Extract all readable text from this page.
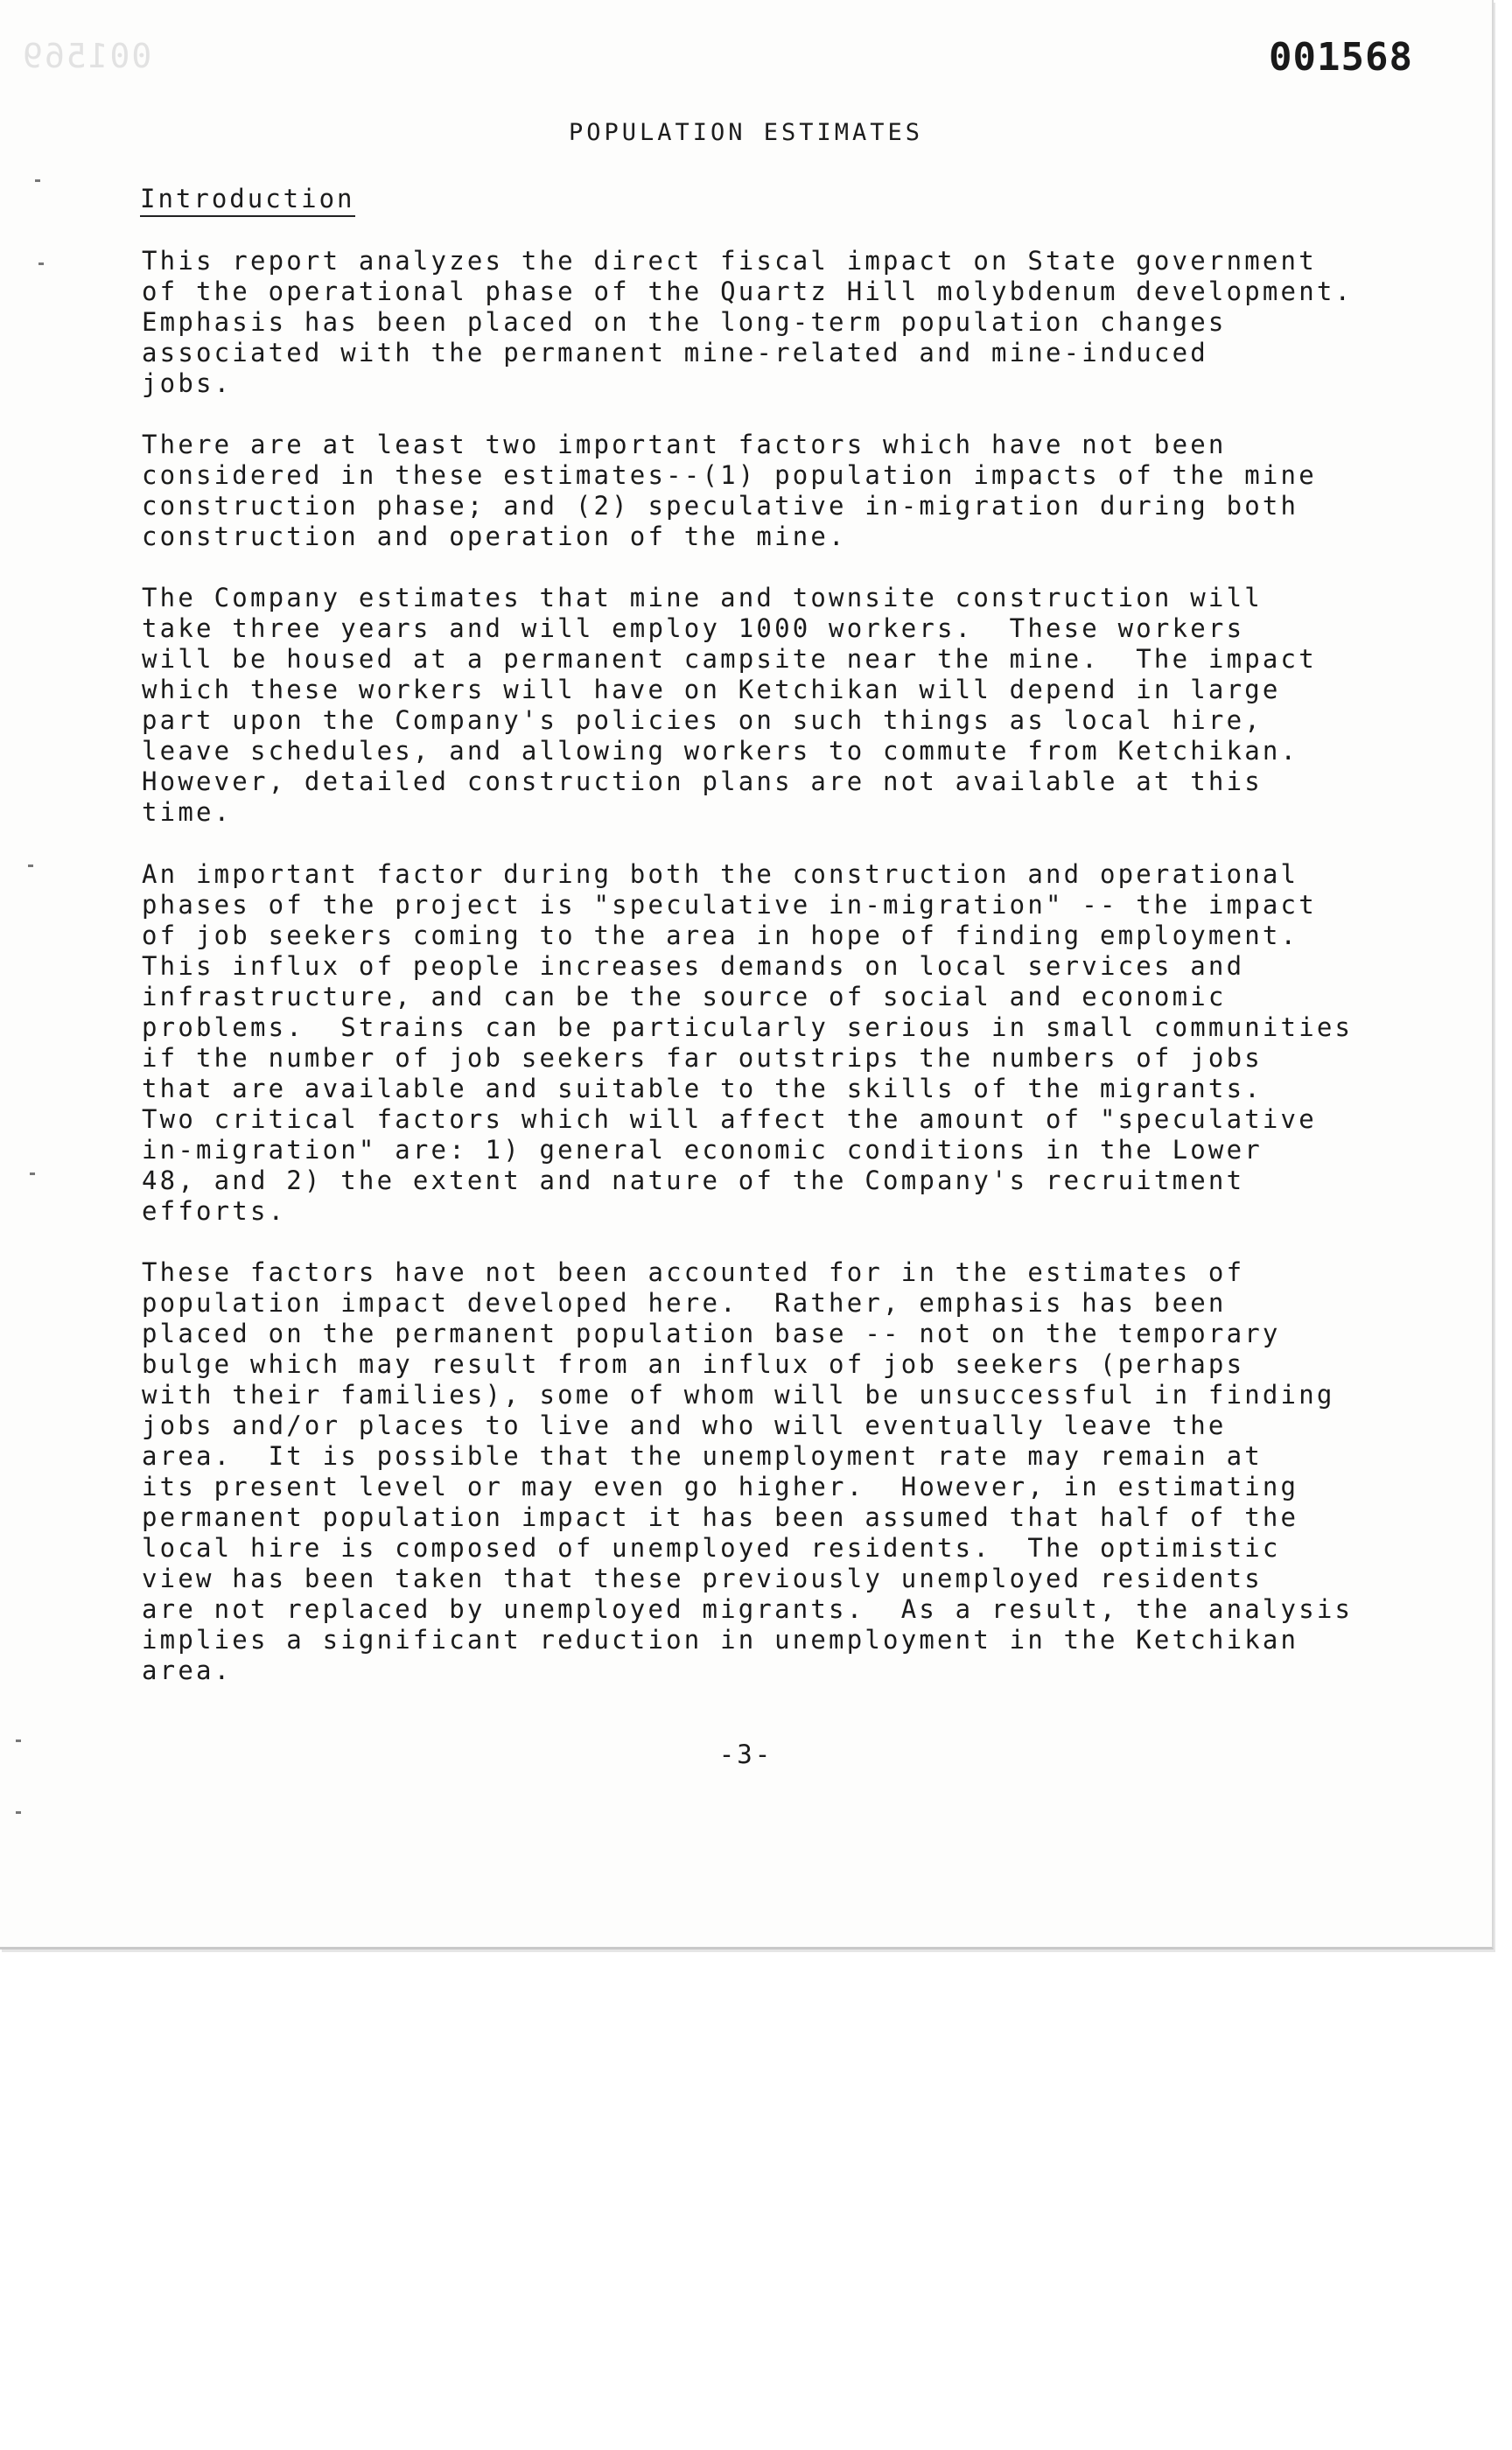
001569	001568
POPULATION ESTIMATES
Introduction

This report analyzes the direct fiscal impact on State government
of the operational phase of the Quartz Hill molybdenum development.
Emphasis has been placed on the long-term population changes
associated with the permanent mine-related and mine-induced
jobs.

There are at least two important factors which have not been
considered in these estimates--(1) population impacts of the mine
construction phase; and (2) speculative in-migration during both
construction and operation of the mine.

The Company estimates that mine and townsite construction will
take three years and will employ 1000 workers.  These workers
will be housed at a permanent campsite near the mine.  The impact
which these workers will have on Ketchikan will depend in large
part upon the Company's policies on such things as local hire,
leave schedules, and allowing workers to commute from Ketchikan.
However, detailed construction plans are not available at this
time.

An important factor during both the construction and operational
phases of the project is "speculative in-migration" -- the impact
of job seekers coming to the area in hope of finding employment.
This influx of people increases demands on local services and
infrastructure, and can be the source of social and economic
problems.  Strains can be particularly serious in small communities
if the number of job seekers far outstrips the numbers of jobs
that are available and suitable to the skills of the migrants.
Two critical factors which will affect the amount of "speculative
in-migration" are: 1) general economic conditions in the Lower
48, and 2) the extent and nature of the Company's recruitment
efforts.

These factors have not been accounted for in the estimates of
population impact developed here.  Rather, emphasis has been
placed on the permanent population base -- not on the temporary
bulge which may result from an influx of job seekers (perhaps
with their families), some of whom will be unsuccessful in finding
jobs and/or places to live and who will eventually leave the
area.  It is possible that the unemployment rate may remain at
its present level or may even go higher.  However, in estimating
permanent population impact it has been assumed that half of the
local hire is composed of unemployed residents.  The optimistic
view has been taken that these previously unemployed residents
are not replaced by unemployed migrants.  As a result, the analysis
implies a significant reduction in unemployment in the Ketchikan
area.

-3-
